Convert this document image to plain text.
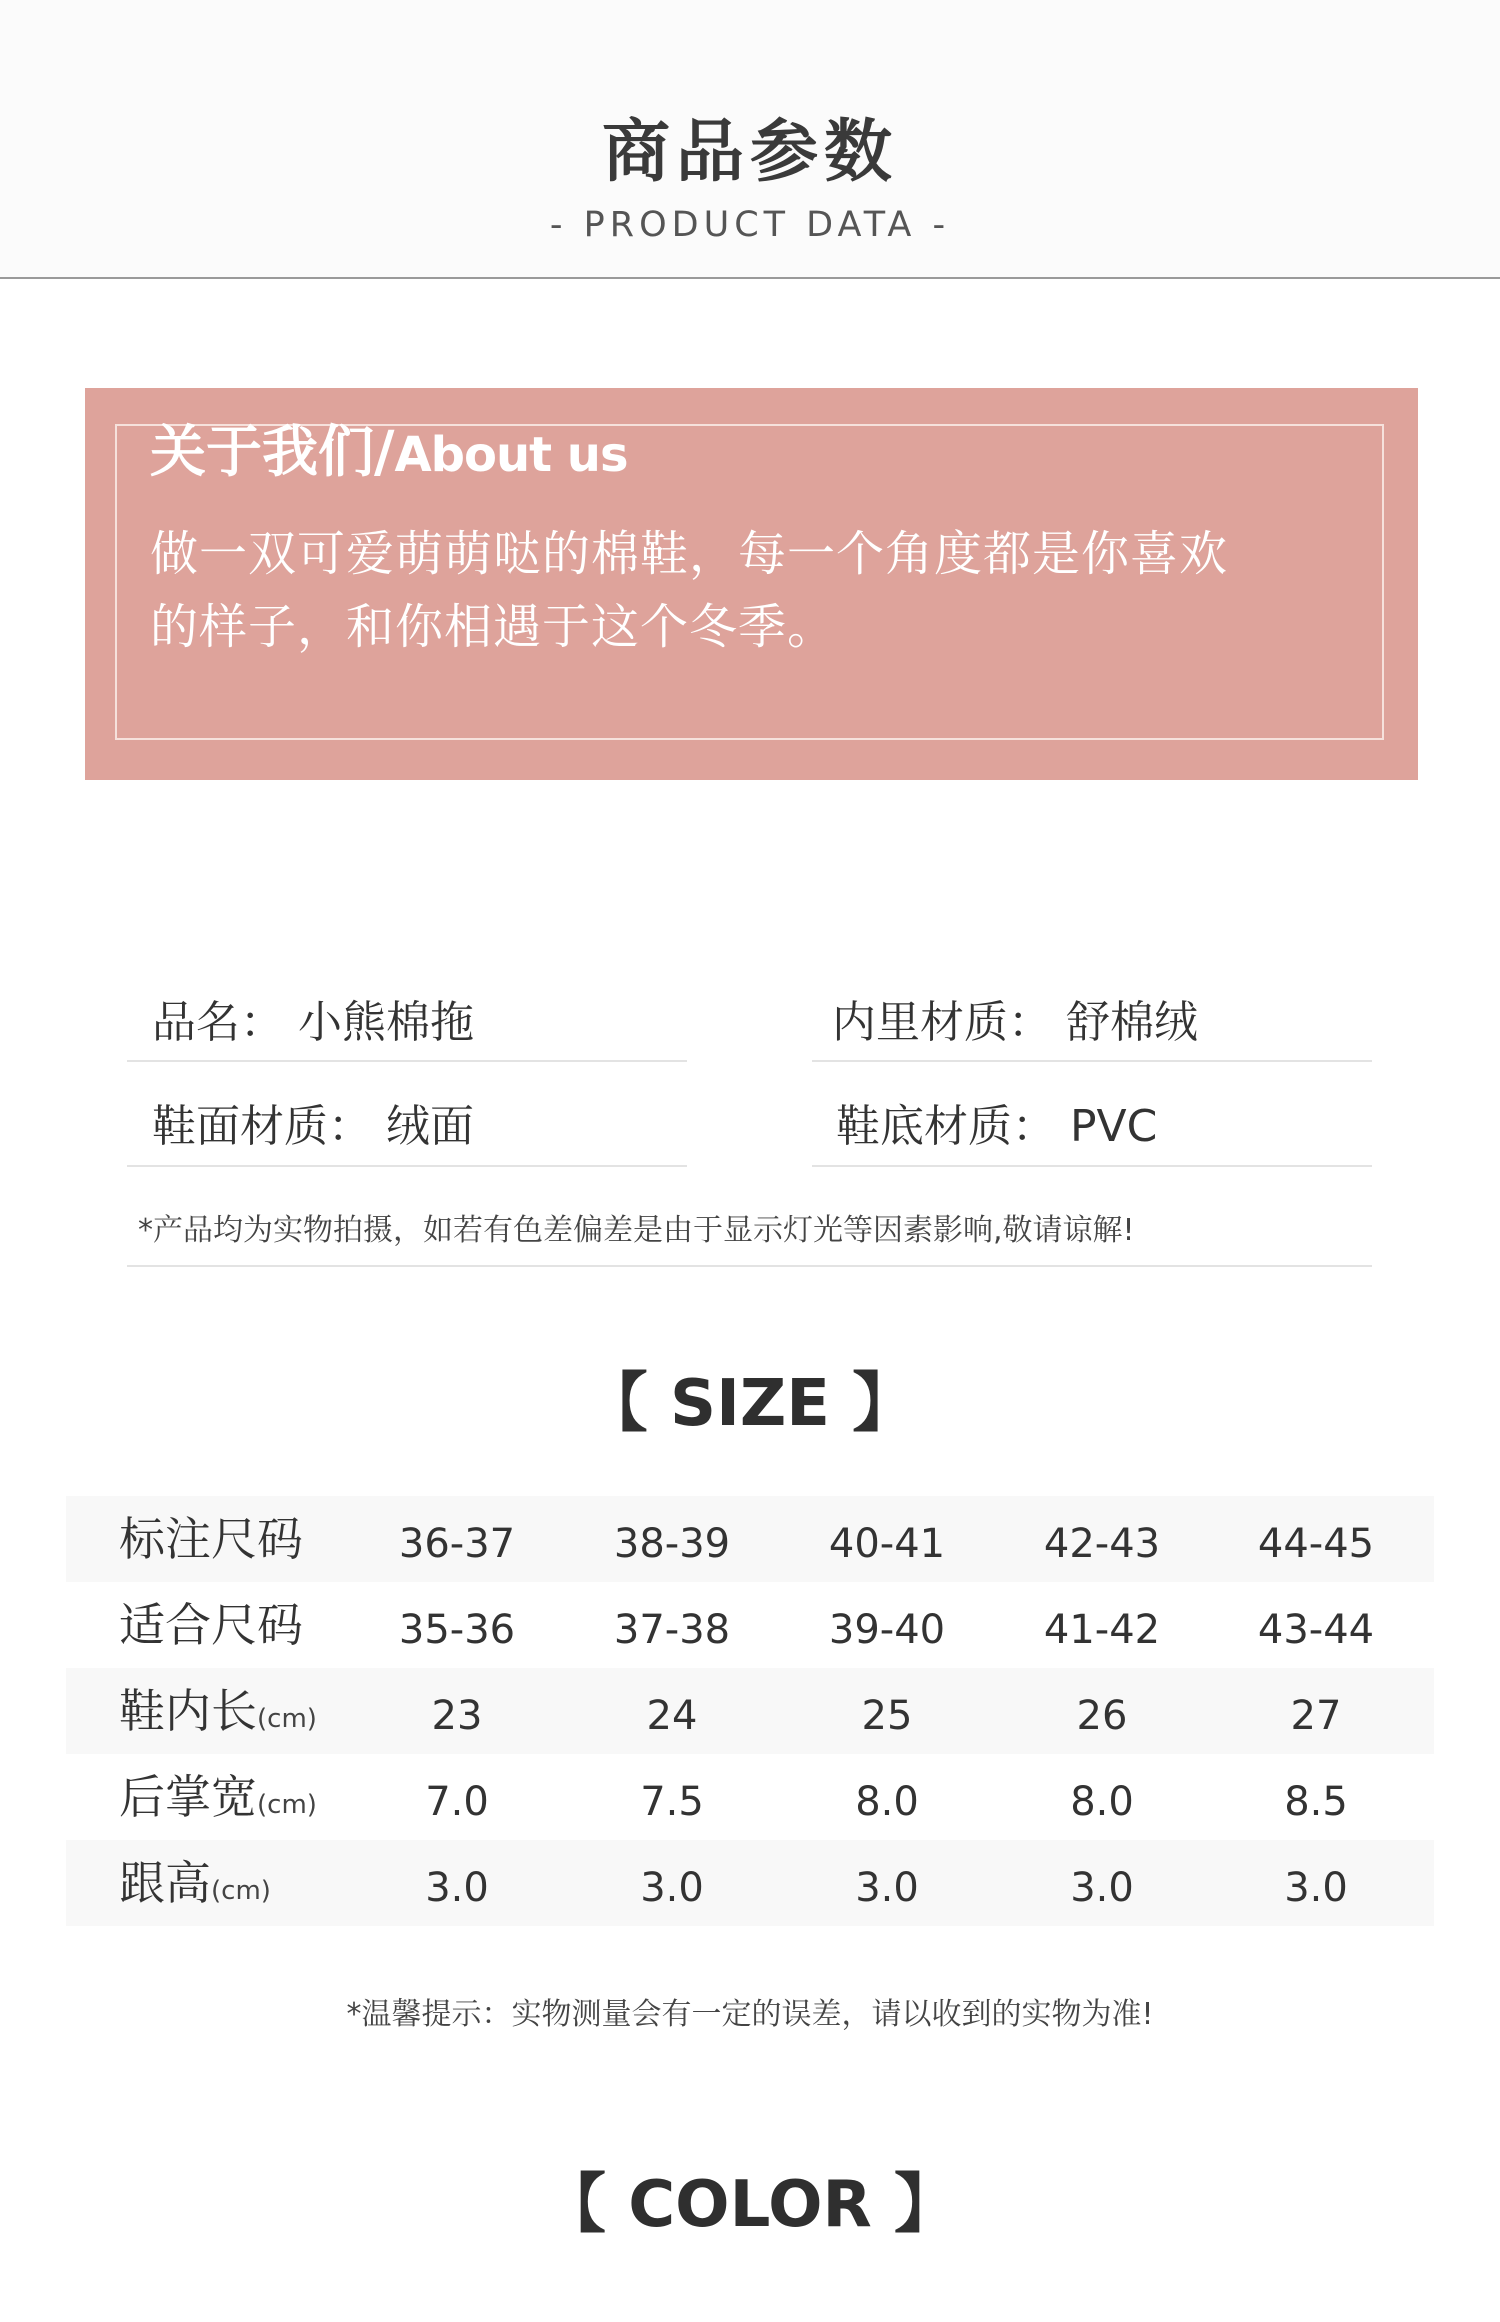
商品参数
- PRODUCT DATA -
关于我们/About us
做一双可爱萌萌哒的棉鞋，每一个角度都是你喜欢
的样子，和你相遇于这个冬季。
品名： 小熊棉拖	内里材质： 舒棉绒
鞋面材质： 绒面	鞋底材质： PVC
*产品均为实物拍摄，如若有色差偏差是由于显示灯光等因素影响,敬请谅解!
【 SIZE 】
标注尺码	36-37	38-39	40-41	42-43	44-45
适合尺码	35-36	37-38	39-40	41-42	43-44
鞋内长(cm)	23	24	25	26	27
后掌宽(cm)	7.0	7.5	8.0	8.0	8.5
跟高(cm)	3.0	3.0	3.0	3.0	3.0
*温馨提示：实物测量会有一定的误差，请以收到的实物为准!
【 COLOR 】
